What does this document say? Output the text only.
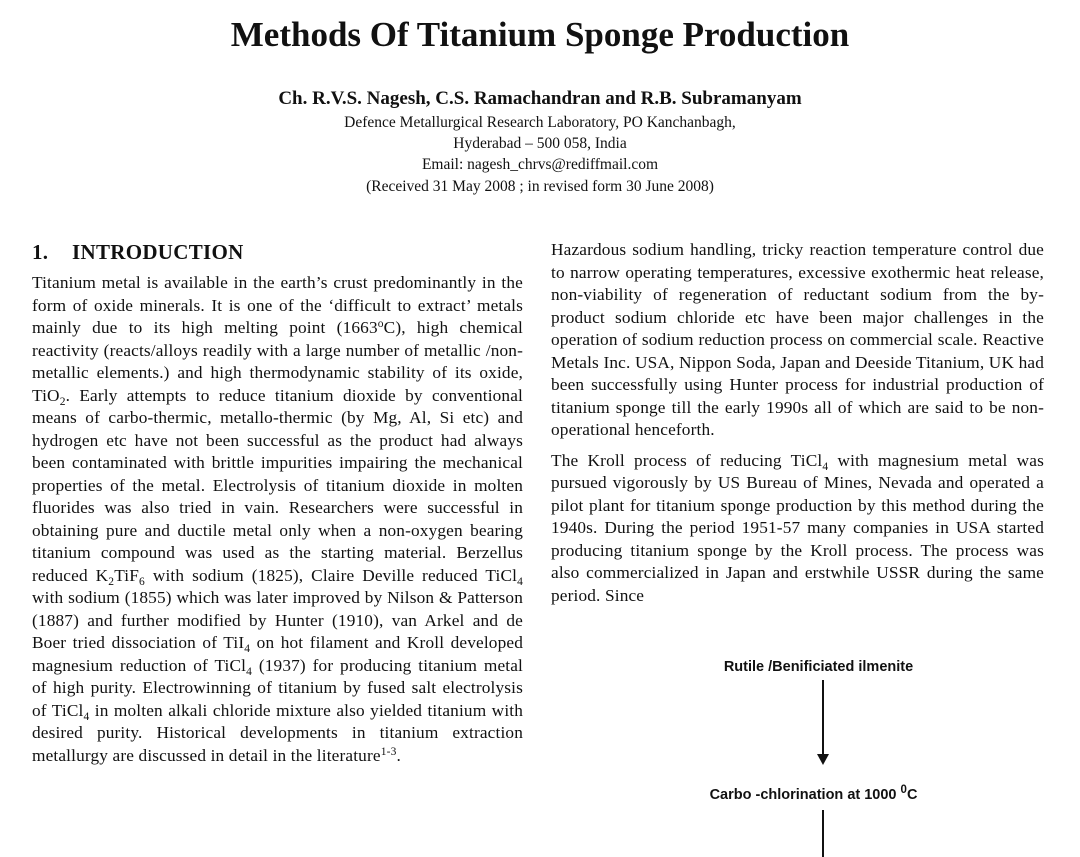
Methods Of Titanium Sponge Production
Ch. R.V.S. Nagesh, C.S. Ramachandran and R.B. Subramanyam
Defence Metallurgical Research Laboratory, PO Kanchanbagh,
Hyderabad – 500 058, India
Email: nagesh_chrvs@rediffmail.com
(Received 31 May 2008 ; in revised form 30 June 2008)
1. INTRODUCTION

Titanium metal is available in the earth’s crust predominantly in the form of oxide minerals. It is one of the ‘difficult to extract’ metals mainly due to its high melting point (1663$^o$C), high chemical reactivity (reacts/alloys readily with a large number of metallic /non-metallic elements.) and high thermodynamic stability of its oxide, TiO$_2$. Early attempts to reduce titanium dioxide by conventional means of carbo-thermic, metallo-thermic (by Mg, Al, Si etc) and hydrogen etc have not been successful as the product had always been contaminated with brittle impurities impairing the mechanical properties of the metal. Electrolysis of titanium dioxide in molten fluorides was also tried in vain. Researchers were successful in obtaining pure and ductile metal only when a non-oxygen bearing titanium compound was used as the starting material. Berzellus reduced $K_2TiF_6$ with sodium (1825), Claire Deville reduced TiCl$_4$ with sodium (1855) which was later improved by Nilson & Patterson (1887) and further modified by Hunter (1910), van Arkel and de Boer tried dissociation of TiI$_4$ on hot filament and Kroll developed magnesium reduction of TiCl$_4$ (1937) for producing titanium metal of high purity. Electrowinning of titanium by fused salt electrolysis of TiCl$_4$ in molten alkali chloride mixture also yielded titanium with desired purity. Historical developments in titanium extraction metallurgy are discussed in detail in the literature$^{1-3}$.

Hazardous sodium handling, tricky reaction temperature control due to narrow operating temperatures, excessive exothermic heat release, non-viability of regeneration of reductant sodium from the by-product sodium chloride etc have been major challenges in the operation of sodium reduction process on commercial scale. Reactive Metals Inc. USA, Nippon Soda, Japan and Deeside Titanium, UK had been successfully using Hunter process for industrial production of titanium sponge till the early 1990s all of which are said to be non-operational henceforth.

The Kroll process of reducing TiCl$_4$ with magnesium metal was pursued vigorously by US Bureau of Mines, Nevada and operated a pilot plant for titanium sponge production by this method during the 1940s. During the period 1951-57 many companies in USA started producing titanium sponge by the Kroll process. The process was also commercialized in Japan and erstwhile USSR during the same period. Since

Rutile /Benificiated ilmenite
Carbo -chlorination at 1000 $^0$C
